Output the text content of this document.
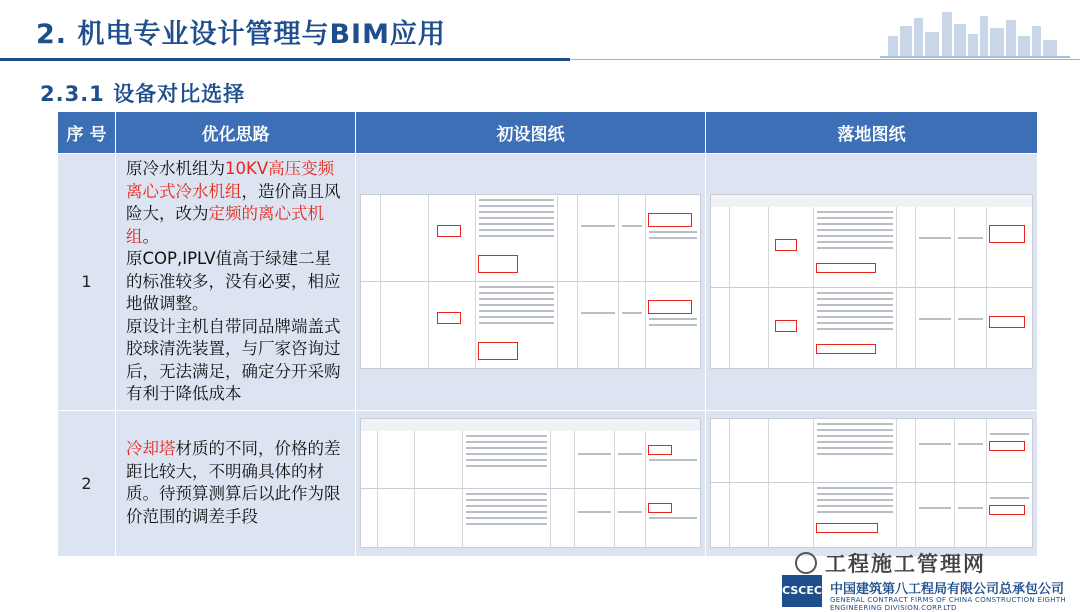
2. 机电专业设计管理与BIM应用
2.3.1 设备对比选择
序 号	优化思路	初设图纸	落地图纸
1	原冷水机组为10KV高压变频离心式冷水机组，造价高且风险大，改为定频的离心式机组。
原COP,IPLV值高于绿建二星的标准较多，没有必要，相应地做调整。
原设计主机自带同品牌端盖式胶球清洗装置，与厂家咨询过后，无法满足，确定分开采购有利于降低成本		

2	冷却塔材质的不同，价格的差距比较大，不明确具体的材质。待预算测算后以此作为限价范围的调差手段		

工程施工管理网
CSCEC 中国建筑第八工程局有限公司总承包公司
GENERAL CONTRACT FIRMS OF CHINA CONSTRUCTION EIGHTH ENGINEERING DIVISION.CORP.LTD
